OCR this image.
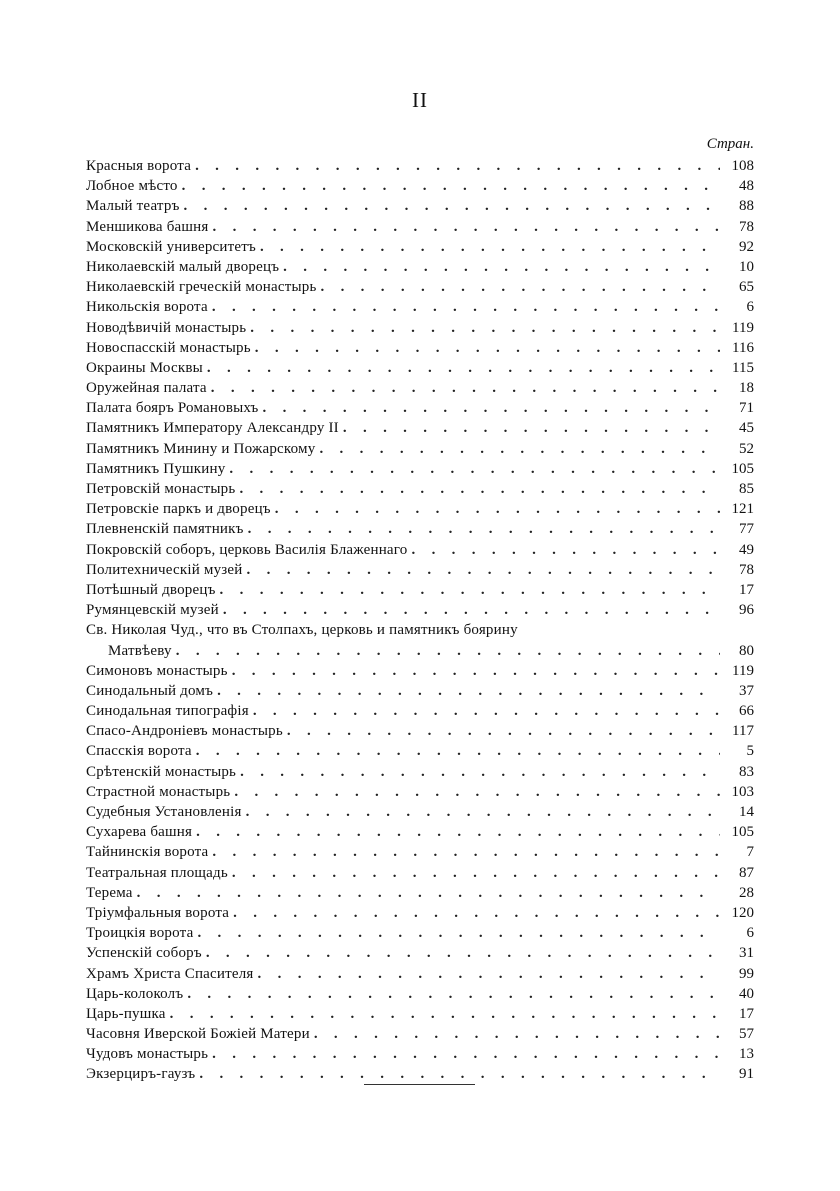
II
Стран.
Красныя ворота . . .	108
Лобное мѣсто . . .	48
Малый театръ . . .	88
Меншикова башня . . .	78
Московскій университетъ . . .	92
Николаевскій малый дворецъ . . .	10
Николаевскій греческій монастырь . . .	65
Никольскія ворота . . .	6
Новодѣвичій монастырь . . .	119
Новоспасскій монастырь . . .	116
Окраины Москвы . . .	115
Оружейная палата . . .	18
Палата бояръ Романовыхъ . . .	71
Памятникъ Императору Александру II . . .	45
Памятникъ Минину и Пожарскому . . .	52
Памятникъ Пушкину . . .	105
Петровскій монастырь . . .	85
Петровскіе паркъ и дворецъ . . .	121
Плевненскій памятникъ . . .	77
Покровскій соборъ, церковь Василія Блаженнаго . . .	49
Политехническій музей . . .	78
Потѣшный дворецъ . . .	17
Румянцевскій музей . . .	96
Св. Николая Чуд., что въ Столпахъ, церковь и памятникъ боярину
Матвѣеву . . .	80
Симоновъ монастырь . . .	119
Синодальный домъ . . .	37
Синодальная типографія . . .	66
Спасо-Андроніевъ монастырь . . .	117
Спасскія ворота . . .	5
Срѣтенскій монастырь . . .	83
Страстной монастырь . . .	103
Судебныя Установленія . . .	14
Сухарева башня . . .	105
Тайнинскія ворота . . .	7
Театральная площадь . . .	87
Терема . . .	28
Тріумфальныя ворота . . .	120
Троицкія ворота . . .	6
Успенскій соборъ . . .	31
Храмъ Христа Спасителя . . .	99
Царь-колоколъ . . .	40
Царь-пушка . . .	17
Часовня Иверской Божіей Матери . . .	57
Чудовъ монастырь . . .	13
Экзерциръ-гаузъ . . .	91
